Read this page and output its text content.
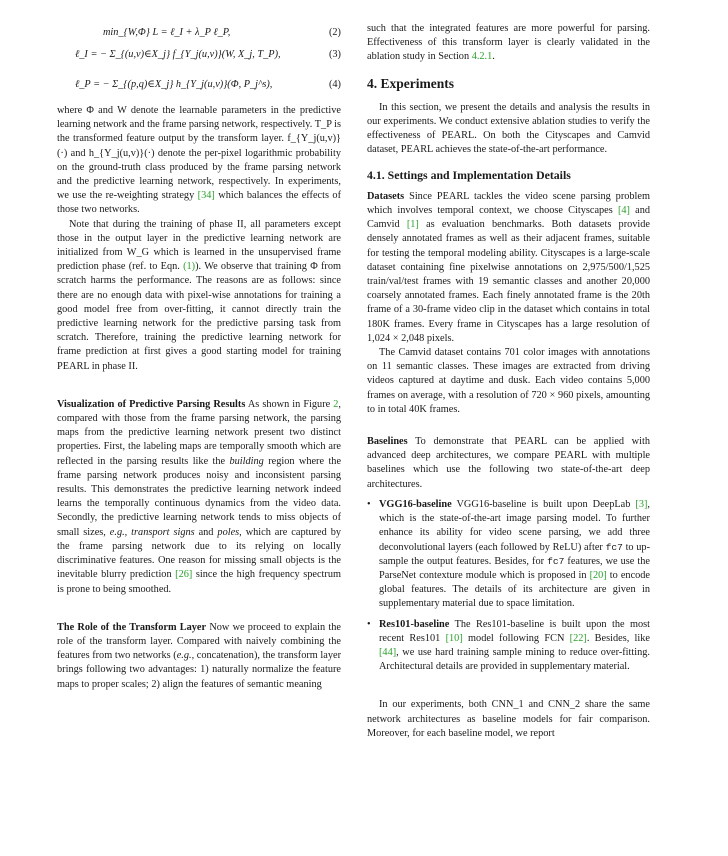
min_{W,Φ} L = ℓ_I + λ_P ℓ_P,	(2)
ℓ_I = − Σ_{(u,v)∈X_j} f_{Y_j(u,v)}(W, X_j, T_P),	(3)
ℓ_P = − Σ_{(p,q)∈X_j} h_{Y_j(u,v)}(Φ, P_j^s),	(4)

where Φ and W denote the learnable parameters in the predictive learning network and the frame parsing network, respectively. T_P is the transformed feature output by the transform layer. f_{Y_j(u,v)}(·) and h_{Y_j(u,v)}(·) denote the per-pixel logarithmic probability on the ground-truth class produced by the frame parsing network and the predictive learning network, respectively. In experiments, we use the re-weighting strategy [34] which balances the effects of those two networks.

Note that during the training of phase II, all parameters except those in the output layer in the predictive learning network are initialized from W_G which is learned in the unsupervised frame prediction phase (ref. to Eqn. (1)). We observe that training Φ from scratch harms the performance. The reasons are as follows: since there are no enough data with pixel-wise annotations for training a good model free from over-fitting, it cannot directly train the predictive learning network for the predictive parsing task from scratch. Therefore, training the predictive learning network for frame prediction at first gives a good starting model for training PEARL in phase II.

Visualization of Predictive Parsing Results As shown in Figure 2, compared with those from the frame parsing network, the parsing maps from the predictive learning network present two distinct properties. First, the labeling maps are temporally smooth which are reflected in the parsing results like the building region where the frame parsing network produces noisy and inconsistent parsing results. This demonstrates the predictive learning network indeed learns the temporally continuous dynamics from the video data. Secondly, the predictive learning network tends to miss objects of small sizes, e.g., transport signs and poles, which are captured by the frame parsing network due to its relying on locally discriminative features. One reason for missing small objects is the inevitable blurry prediction [26] since the high frequency spectrum is prone to being smoothed.

The Role of the Transform Layer Now we proceed to explain the role of the transform layer. Compared with naively combining the features from two networks (e.g., concatenation), the transform layer brings following two advantages: 1) naturally normalize the feature maps to proper scales; 2) align the features of semantic meaning

such that the integrated features are more powerful for parsing. Effectiveness of this transform layer is clearly validated in the ablation study in Section 4.2.1.

4. Experiments

In this section, we present the details and analysis the results in our experiments. We conduct extensive ablation studies to verify the effectiveness of PEARL. On both the Cityscapes and Camvid dataset, PEARL achieves the state-of-the-art performance.

4.1. Settings and Implementation Details

Datasets Since PEARL tackles the video scene parsing problem which involves temporal context, we choose Cityscapes [4] and Camvid [1] as evaluation benchmarks. Both datasets provide densely annotated frames as well as their adjacent frames, suitable for testing the temporal modeling ability. Cityscapes is a large-scale dataset containing fine pixelwise annotations on 2,975/500/1,525 train/val/test frames with 19 semantic classes and another 20,000 coarsely annotated frames. Each finely annotated frame is the 20th frame of a 30-frame video clip in the dataset which contains in total 180K frames. Every frame in Cityscapes has a large resolution of 1,024 × 2,048 pixels.

The Camvid dataset contains 701 color images with annotations on 11 semantic classes. These images are extracted from driving videos captured at daytime and dusk. Each video contains 5,000 frames on average, with a resolution of 720 × 960 pixels, amounting to in total 40K frames.

Baselines To demonstrate that PEARL can be applied with advanced deep architectures, we compare PEARL with multiple baselines which use the following two state-of-the-art deep architectures.

• VGG16-baseline VGG16-baseline is built upon DeepLab [3], which is the state-of-the-art image parsing model. To further enhance its ability for video scene parsing, we add three deconvolutional layers (each followed by ReLU) after fc7 to up-sample the output features. Besides, for fc7 features, we use the ParseNet contexture module which is proposed in [20] to encode global features. The details of its architecture are given in supplementary material due to space limitation.
• Res101-baseline The Res101-baseline is built upon the most recent Res101 [10] model following FCN [22]. Besides, like [44], we use hard training sample mining to reduce over-fitting. Architectural details are provided in supplementary material.

In our experiments, both CNN_1 and CNN_2 share the same network architectures as baseline models for fair comparison. Moreover, for each baseline model, we report
